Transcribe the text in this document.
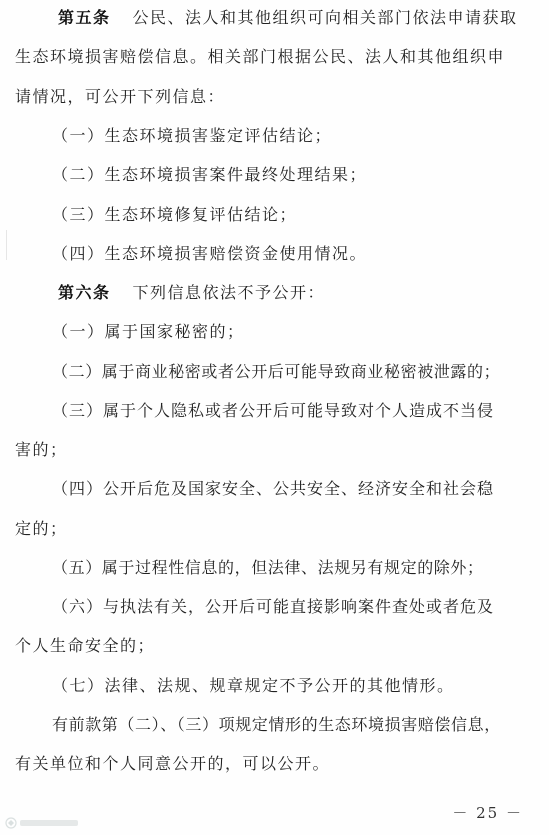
第五条 公民、法人和其他组织可向相关部门依法申请获取
生态环境损害赔偿信息。相关部门根据公民、法人和其他组织申
请情况，可公开下列信息：
（一）生态环境损害鉴定评估结论；
（二）生态环境损害案件最终处理结果；
（三）生态环境修复评估结论；
（四）生态环境损害赔偿资金使用情况。
第六条 下列信息依法不予公开：
（一）属于国家秘密的；
（二）属于商业秘密或者公开后可能导致商业秘密被泄露的；
（三）属于个人隐私或者公开后可能导致对个人造成不当侵
害的；
（四）公开后危及国家安全、公共安全、经济安全和社会稳
定的；
（五）属于过程性信息的，但法律、法规另有规定的除外；
（六）与执法有关，公开后可能直接影响案件查处或者危及
个人生命安全的；
（七）法律、法规、规章规定不予公开的其他情形。
有前款第（二）、（三）项规定情形的生态环境损害赔偿信息，
有关单位和个人同意公开的，可以公开。
－ 25 －
